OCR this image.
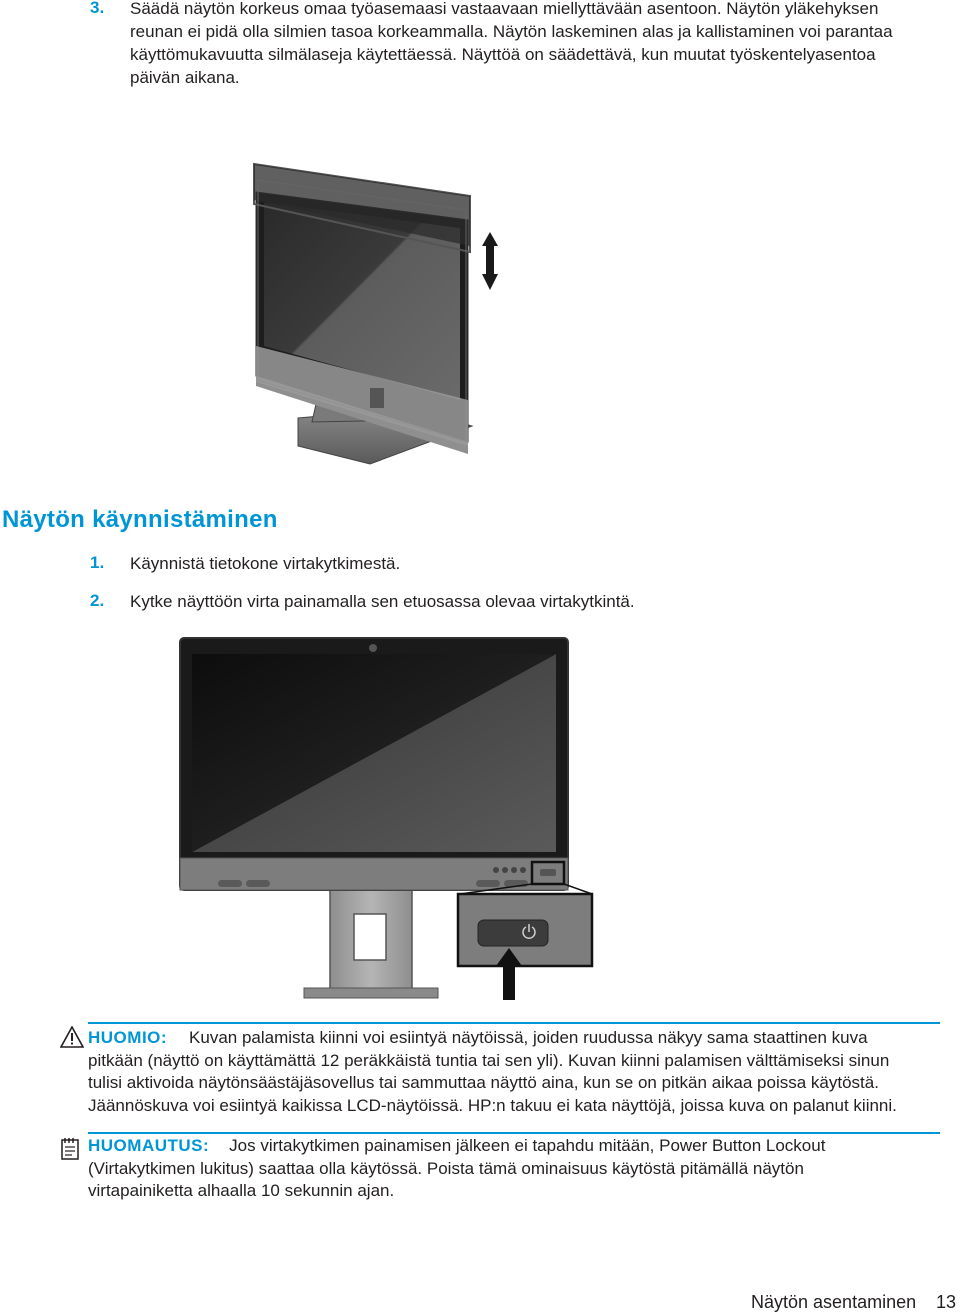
3. Säädä näytön korkeus omaa työasemaasi vastaavaan miellyttävään asentoon. Näytön yläkehyksen
reunan ei pidä olla silmien tasoa korkeammalla. Näytön laskeminen alas ja kallistaminen voi parantaa
käyttömukavuutta silmälaseja käytettäessä. Näyttöä on säädettävä, kun muutat työskentelyasentoa
päivän aikana.
Näytön käynnistäminen
1. Käynnistä tietokone virtakytkimestä.
2. Kytke näyttöön virta painamalla sen etuosassa olevaa virtakytkintä.
HUOMIO: Kuvan palamista kiinni voi esiintyä näytöissä, joiden ruudussa näkyy sama staattinen kuva
pitkään (näyttö on käyttämättä 12 peräkkäistä tuntia tai sen yli). Kuvan kiinni palamisen välttämiseksi sinun
tulisi aktivoida näytönsäästäjäsovellus tai sammuttaa näyttö aina, kun se on pitkän aikaa poissa käytöstä.
Jäännöskuva voi esiintyä kaikissa LCD-näytöissä. HP:n takuu ei kata näyttöjä, joissa kuva on palanut kiinni.
HUOMAUTUS: Jos virtakytkimen painamisen jälkeen ei tapahdu mitään, Power Button Lockout
(Virtakytkimen lukitus) saattaa olla käytössä. Poista tämä ominaisuus käytöstä pitämällä näytön
virtapainiketta alhaalla 10 sekunnin ajan.
Näytön asentaminen 13
